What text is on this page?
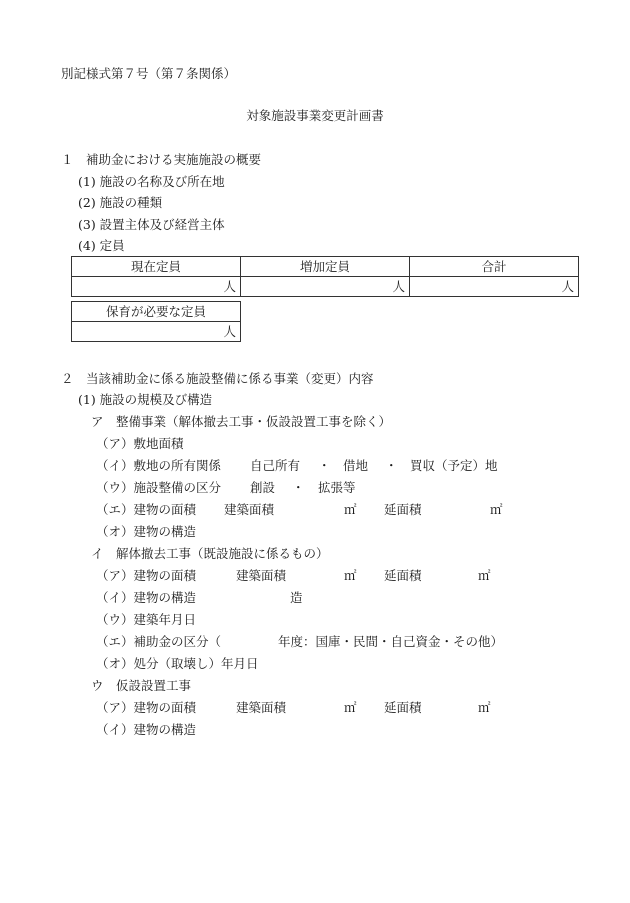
別記様式第７号（第７条関係）
対象施設事業変更計画書
１　補助金における実施施設の概要
(1) 施設の名称及び所在地
(2) 施設の種類
(3) 設置主体及び経営主体
(4) 定員
現在定員	増加定員	合計
人	人	人
保育が必要な定員
人
２　当該補助金に係る施設整備に係る事業（変更）内容
(1) 施設の規模及び構造
ア　整備事業（解体撤去工事・仮設設置工事を除く）
（ア）敷地面積
（イ）敷地の所有関係 自己所有 ・ 借地 ・ 買収（予定）地
（ウ）施設整備の区分 創設 ・ 拡張等
（エ）建物の面積 建築面積	㎡ 延面積	㎡
（オ）建物の構造
イ　解体撤去工事（既設施設に係るもの）
（ア）建物の面積	建築面積	㎡ 延面積	㎡
（イ）建物の構造	造
（ウ）建築年月日
（エ）補助金の区分（	年度：国庫・民間・自己資金・その他）
（オ）処分（取壊し）年月日
ウ　仮設設置工事
（ア）建物の面積	建築面積	㎡ 延面積	㎡
（イ）建物の構造
